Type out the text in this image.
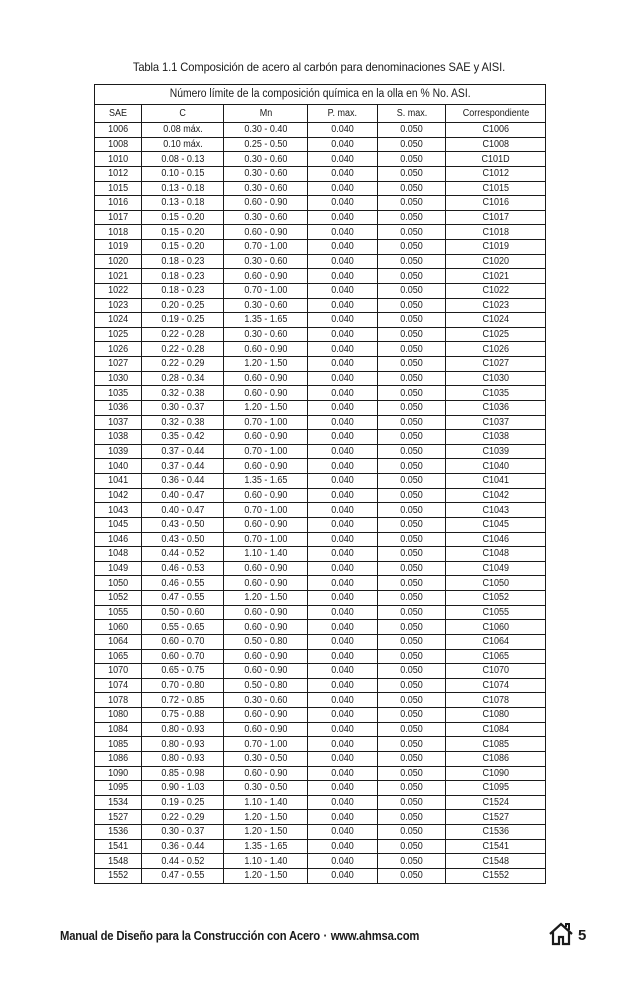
Tabla 1.1 Composición de acero al carbón para denominaciones SAE y AISI.
Número límite de la composición química en la olla en % No. ASI.					
SAE	C	Mn	P. max.	S. max.	Correspondiente
1006	0.08 máx.	0.30 - 0.40	0.040	0.050	C1006
1008	0.10 máx.	0.25 - 0.50	0.040	0.050	C1008
1010	0.08 - 0.13	0.30 - 0.60	0.040	0.050	C101D
1012	0.10 - 0.15	0.30 - 0.60	0.040	0.050	C1012
1015	0.13 - 0.18	0.30 - 0.60	0.040	0.050	C1015
1016	0.13 - 0.18	0.60 - 0.90	0.040	0.050	C1016
1017	0.15 - 0.20	0.30 - 0.60	0.040	0.050	C1017
1018	0.15 - 0.20	0.60 - 0.90	0.040	0.050	C1018
1019	0.15 - 0.20	0.70 - 1.00	0.040	0.050	C1019
1020	0.18 - 0.23	0.30 - 0.60	0.040	0.050	C1020
1021	0.18 - 0.23	0.60 - 0.90	0.040	0.050	C1021
1022	0.18 - 0.23	0.70 - 1.00	0.040	0.050	C1022
1023	0.20 - 0.25	0.30 - 0.60	0.040	0.050	C1023
1024	0.19 - 0.25	1.35 - 1.65	0.040	0.050	C1024
1025	0.22 - 0.28	0.30 - 0.60	0.040	0.050	C1025
1026	0.22 - 0.28	0.60 - 0.90	0.040	0.050	C1026
1027	0.22 - 0.29	1.20 - 1.50	0.040	0.050	C1027
1030	0.28 - 0.34	0.60 - 0.90	0.040	0.050	C1030
1035	0.32 - 0.38	0.60 - 0.90	0.040	0.050	C1035
1036	0.30 - 0.37	1.20 - 1.50	0.040	0.050	C1036
1037	0.32 - 0.38	0.70 - 1.00	0.040	0.050	C1037
1038	0.35 - 0.42	0.60 - 0.90	0.040	0.050	C1038
1039	0.37 - 0.44	0.70 - 1.00	0.040	0.050	C1039
1040	0.37 - 0.44	0.60 - 0.90	0.040	0.050	C1040
1041	0.36 - 0.44	1.35 - 1.65	0.040	0.050	C1041
1042	0.40 - 0.47	0.60 - 0.90	0.040	0.050	C1042
1043	0.40 - 0.47	0.70 - 1.00	0.040	0.050	C1043
1045	0.43 - 0.50	0.60 - 0.90	0.040	0.050	C1045
1046	0.43 - 0.50	0.70 - 1.00	0.040	0.050	C1046
1048	0.44 - 0.52	1.10 - 1.40	0.040	0.050	C1048
1049	0.46 - 0.53	0.60 - 0.90	0.040	0.050	C1049
1050	0.46 - 0.55	0.60 - 0.90	0.040	0.050	C1050
1052	0.47 - 0.55	1.20 - 1.50	0.040	0.050	C1052
1055	0.50 - 0.60	0.60 - 0.90	0.040	0.050	C1055
1060	0.55 - 0.65	0.60 - 0.90	0.040	0.050	C1060
1064	0.60 - 0.70	0.50 - 0.80	0.040	0.050	C1064
1065	0.60 - 0.70	0.60 - 0.90	0.040	0.050	C1065
1070	0.65 - 0.75	0.60 - 0.90	0.040	0.050	C1070
1074	0.70 - 0.80	0.50 - 0.80	0.040	0.050	C1074
1078	0.72 - 0.85	0.30 - 0.60	0.040	0.050	C1078
1080	0.75 - 0.88	0.60 - 0.90	0.040	0.050	C1080
1084	0.80 - 0.93	0.60 - 0.90	0.040	0.050	C1084
1085	0.80 - 0.93	0.70 - 1.00	0.040	0.050	C1085
1086	0.80 - 0.93	0.30 - 0.50	0.040	0.050	C1086
1090	0.85 - 0.98	0.60 - 0.90	0.040	0.050	C1090
1095	0.90 - 1.03	0.30 - 0.50	0.040	0.050	C1095
1534	0.19 - 0.25	1.10 - 1.40	0.040	0.050	C1524
1527	0.22 - 0.29	1.20 - 1.50	0.040	0.050	C1527
1536	0.30 - 0.37	1.20 - 1.50	0.040	0.050	C1536
1541	0.36 - 0.44	1.35 - 1.65	0.040	0.050	C1541
1548	0.44 - 0.52	1.10 - 1.40	0.040	0.050	C1548
1552	0.47 - 0.55	1.20 - 1.50	0.040	0.050	C1552
Manual de Diseño para la Construcción con Acero · www.ahmsa.com	5
